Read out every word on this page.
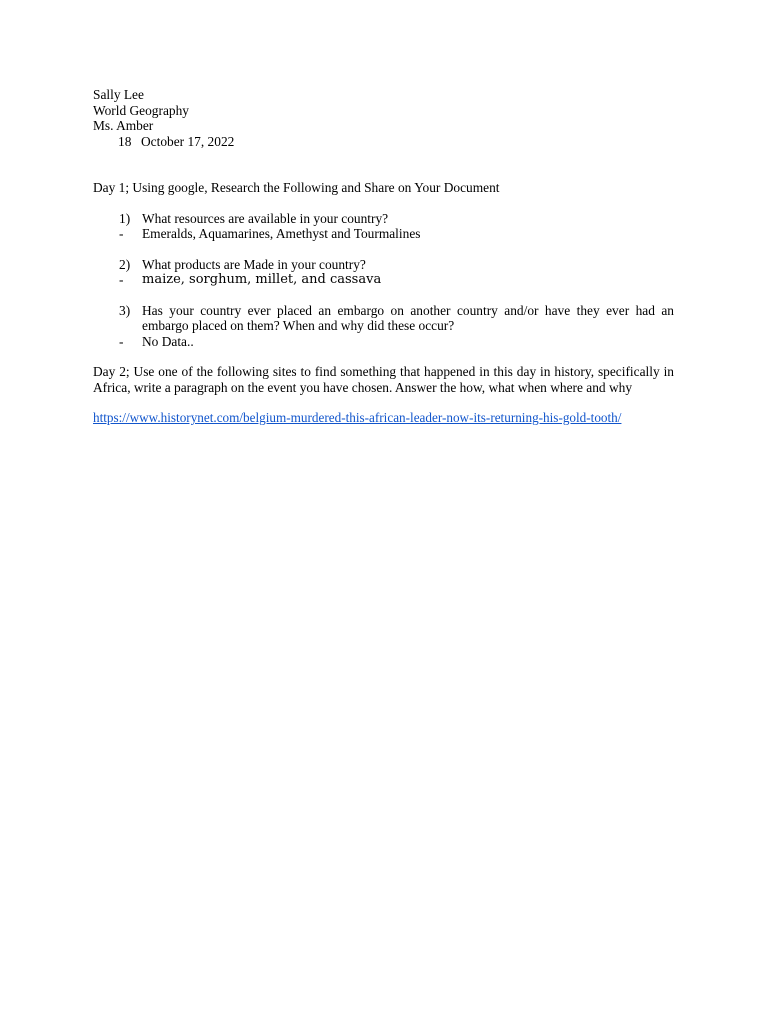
Sally Lee
World Geography
Ms. Amber
18 October 17, 2022
Day 1; Using google, Research the Following and Share on Your Document
1) What resources are available in your country?
-	Emeralds, Aquamarines, Amethyst and Tourmalines
2) What products are Made in your country?
-	maize, sorghum, millet, and cassava
3) Has your country ever placed an embargo on another country and/or have they ever had an embargo placed on them? When and why did these occur?
-	No Data..
Day 2; Use one of the following sites to find something that happened in this day in history, specifically in Africa, write a paragraph on the event you have chosen. Answer the how, what when where and why
https://www.historynet.com/belgium-murdered-this-african-leader-now-its-returning-his-gold-tooth/
